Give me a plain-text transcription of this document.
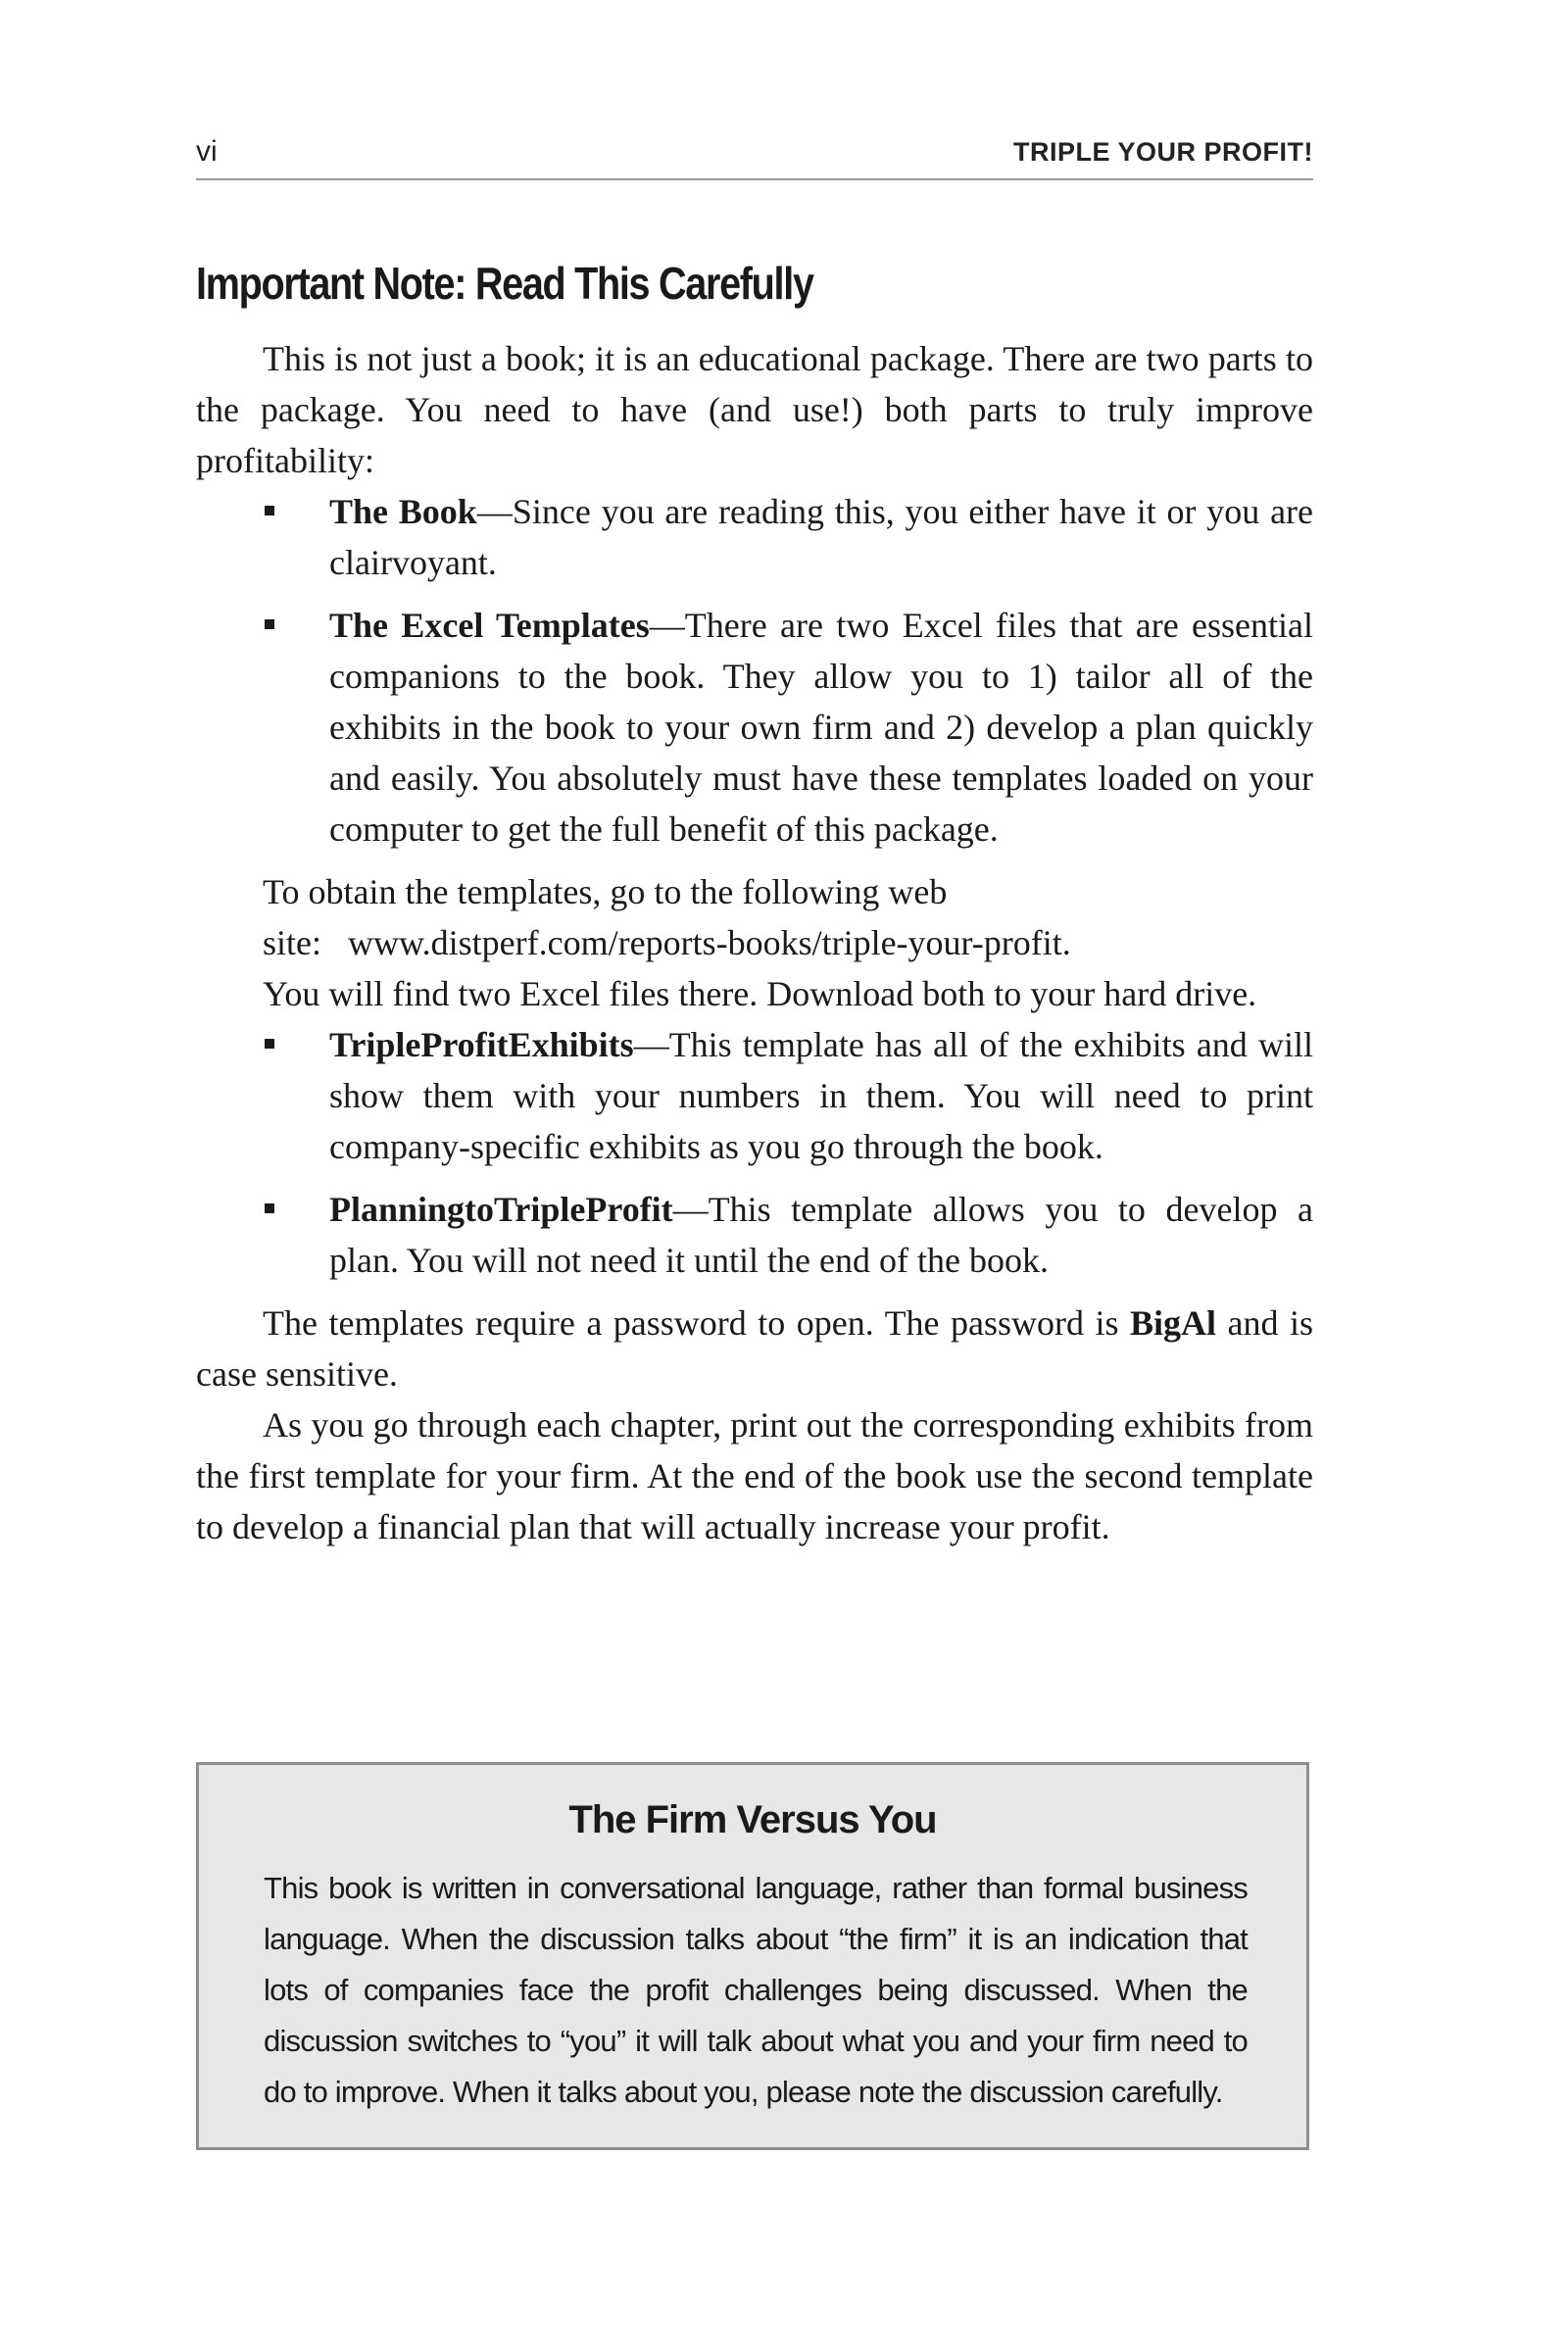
vi	TRIPLE YOUR PROFIT!
Important Note: Read This Carefully

This is not just a book; it is an educational package. There are two parts to the package. You need to have (and use!) both parts to truly improve profitability:

The Book—Since you are reading this, you either have it or you are clairvoyant.
The Excel Templates—There are two Excel files that are essential companions to the book. They allow you to 1) tailor all of the exhibits in the book to your own firm and 2) develop a plan quickly and easily. You absolutely must have these templates loaded on your computer to get the full benefit of this package.

To obtain the templates, go to the following web

site: www.distperf.com/reports-books/triple-your-profit.

You will find two Excel files there. Download both to your hard drive.

TripleProfitExhibits—This template has all of the exhibits and will show them with your numbers in them. You will need to print company-specific exhibits as you go through the book.
PlanningtoTripleProfit—This template allows you to develop a plan. You will not need it until the end of the book.

The templates require a password to open. The password is BigAl and is case sensitive.

As you go through each chapter, print out the corresponding exhibits from the first template for your firm. At the end of the book use the second template to develop a financial plan that will actually increase your profit.

The Firm Versus You

This book is written in conversational language, rather than formal business language. When the discussion talks about “the firm” it is an indication that lots of companies face the profit challenges being discussed. When the discussion switches to “you” it will talk about what you and your firm need to do to improve. When it talks about you, please note the discussion carefully.
